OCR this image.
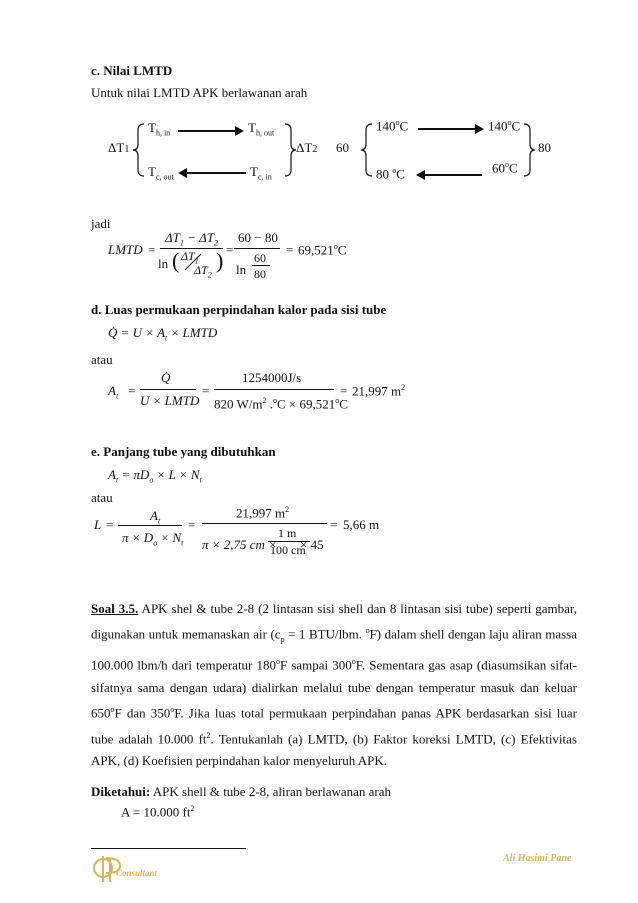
c. Nilai LMTD
Untuk nilai LMTD APK berlawanan arah
ΔT1
$T_{h, in}$	$T_{h, out}$
$T_{c, out}$	$T_{c, in}$
ΔT2 60
140$^o$C	140$^o$C
80 $^o$C	60$^o$C
80
jadi
LMTD =
$\Delta T_1 - \Delta T_2$
ln ( $\Delta T_1$
$\Delta T_2$
) =
60 − 80
ln
60
80
= $69,521^oC$
d. Luas permukaan perpindahan kalor pada sisi tube
Q̇ = $U \times A_t$ × LMTD
atau
$A_t$ =
Q̇
U × LMTD
=
1254000J/s
820 $W/m^2$ $.^oC \times 69,521^oC$
= 21,997 $m^2$
e. Panjang tube yang dibutuhkan
$A_t = \pi D_o \times L \times N_t$
atau
L =
$A_t$
$\pi \times D_o \times N_t$
=
21,997 $m^2$
π × 2,75 cm ×
1 m
100 cm
× 45
= 5,66 m
Soal 3.5. APK shel & tube 2-8 (2 lintasan sisi shell dan 8 lintasan sisi tube) seperti gambar,
digunakan untuk memanaskan air ($c_p = 1$ BTU/lbm. $^o$F) dalam shell dengan laju aliran massa
100.000 lbm/h dari temperatur 180$^o$F sampai 300$^o$F. Sementara gas asap (diasumsikan sifat-
sifatnya sama dengan udara) dialirkan melalui tube dengan temperatur masuk dan keluar
650$^o$F dan 350$^o$F. Jika luas total permukaan perpindahan panas APK berdasarkan sisi luar
tube adalah 10.000 $ft^2$. Tentukanlah (a) LMTD, (b) Faktor koreksi LMTD, (c) Efektivitas
APK, (d) Koefisien perpindahan kalor menyeluruh APK.
Diketahui: APK shell & tube 2-8, aliran berlawanan arah
A = 10.000 $ft^2$
Consultant
Ali Hasimi Pane
